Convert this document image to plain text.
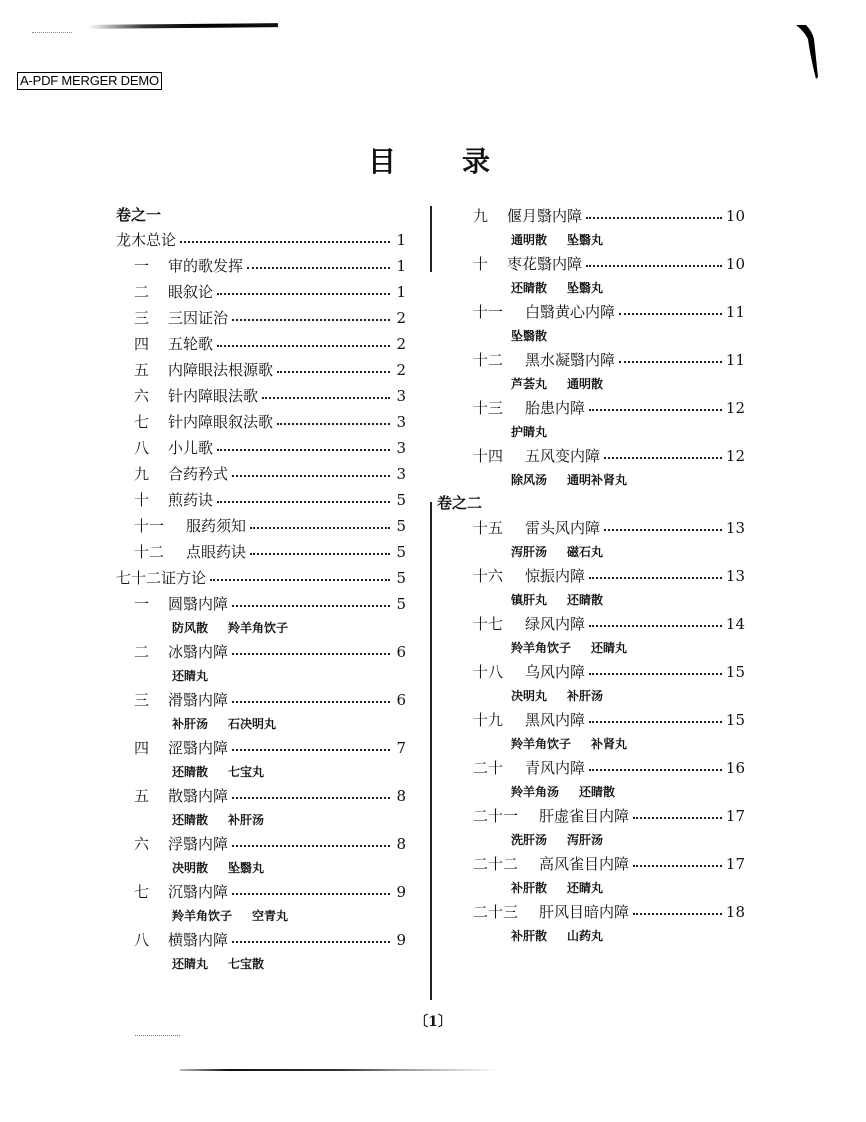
A-PDF MERGER DEMO
目 录
卷之一
龙木总论	1
一	审的歌发挥	1
二	眼叙论	1
三	三因证治	2
四	五轮歌	2
五	内障眼法根源歌	2
六	针内障眼法歌	3
七	针内障眼叙法歌	3
八	小儿歌	3
九	合药矜式	3
十	煎药诀	5
十一	服药须知	5
十二	点眼药诀	5
七十二证方论	5
一	圆翳内障	5
防风散 羚羊角饮子
二	冰翳内障	6
还睛丸
三	滑翳内障	6
补肝汤 石决明丸
四	涩翳内障	7
还睛散 七宝丸
五	散翳内障	8
还睛散 补肝汤
六	浮翳内障	8
决明散 坠翳丸
七	沉翳内障	9
羚羊角饮子 空青丸
八	横翳内障	9
还睛丸 七宝散
九	偃月翳内障	10
通明散 坠翳丸
十	枣花翳内障	10
还睛散 坠翳丸
十一	白翳黄心内障	11
坠翳散
十二	黑水凝翳内障	11
芦荟丸 通明散
十三	胎患内障	12
护睛丸
十四	五风变内障	12
除风汤 通明补肾丸
卷之二
十五	雷头风内障	13
泻肝汤 磁石丸
十六	惊振内障	13
镇肝丸 还睛散
十七	绿风内障	14
羚羊角饮子 还睛丸
十八	乌风内障	15
决明丸 补肝汤
十九	黑风内障	15
羚羊角饮子 补肾丸
二十	青风内障	16
羚羊角汤 还睛散
二十一	肝虚雀目内障	17
洗肝汤 泻肝汤
二十二	高风雀目内障	17
补肝散 还睛丸
二十三	肝风目暗内障	18
补肝散 山药丸
〔1〕
